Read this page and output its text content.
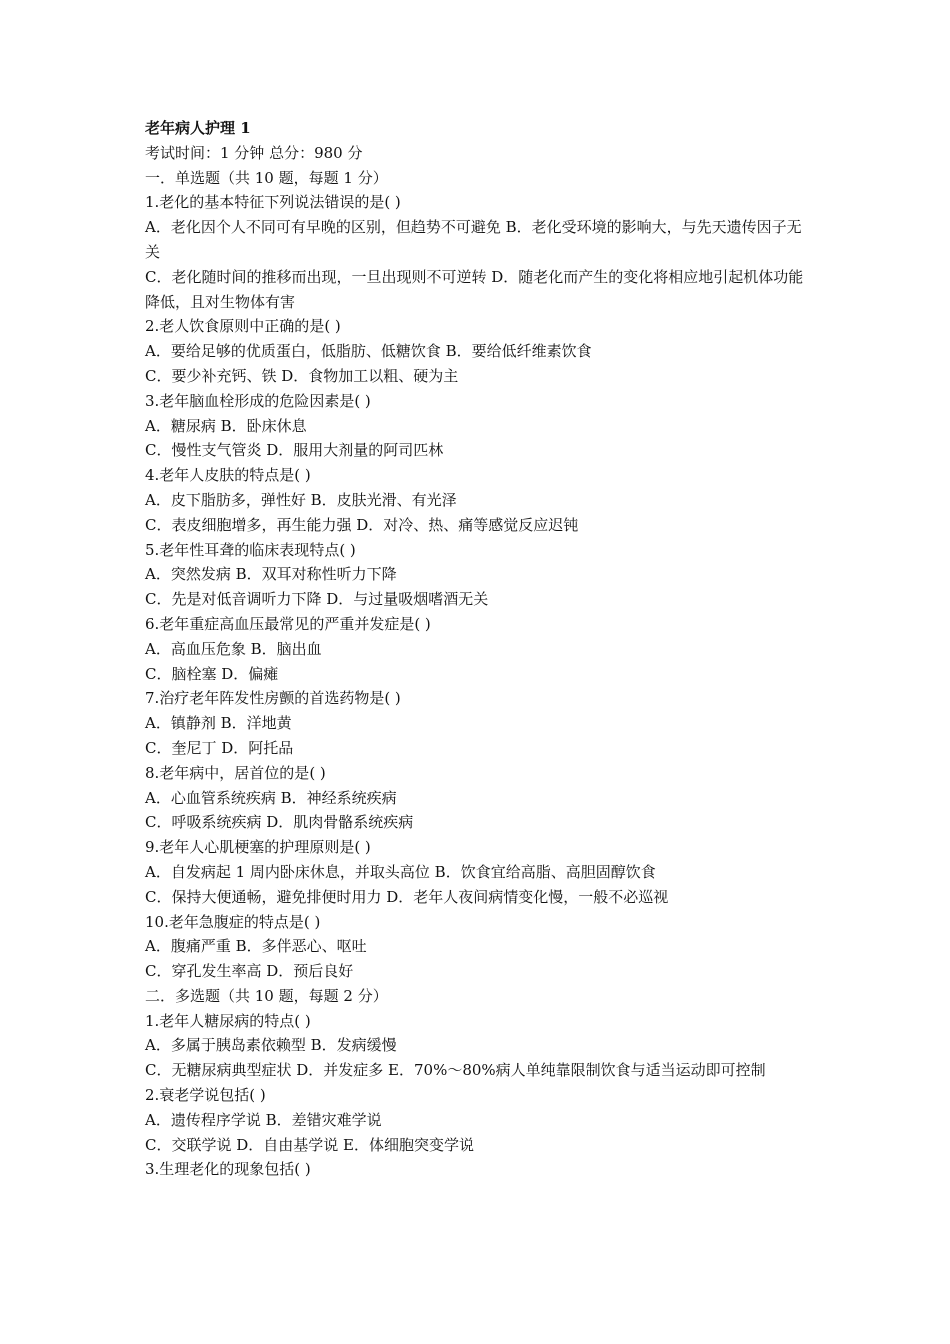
老年病人护理 1
考试时间：1 分钟 总分：980 分
一．单选题（共 10 题，每题 1 分）
1.老化的基本特征下列说法错误的是( )
A．老化因个人不同可有早晚的区别，但趋势不可避免 B．老化受环境的影响大，与先天遗传因子无关
C．老化随时间的推移而出现，一旦出现则不可逆转 D．随老化而产生的变化将相应地引起机体功能降低，且对生物体有害
2.老人饮食原则中正确的是( )
A．要给足够的优质蛋白，低脂肪、低糖饮食 B．要给低纤维素饮食
C．要少补充钙、铁 D．食物加工以粗、硬为主
3.老年脑血栓形成的危险因素是( )
A．糖尿病 B．卧床休息
C．慢性支气管炎 D．服用大剂量的阿司匹林
4.老年人皮肤的特点是( )
A．皮下脂肪多，弹性好 B．皮肤光滑、有光泽
C．表皮细胞增多，再生能力强 D．对冷、热、痛等感觉反应迟钝
5.老年性耳聋的临床表现特点( )
A．突然发病 B．双耳对称性听力下降
C．先是对低音调听力下降 D．与过量吸烟嗜酒无关
6.老年重症高血压最常见的严重并发症是( )
A．高血压危象 B．脑出血
C．脑栓塞 D．偏瘫
7.治疗老年阵发性房颤的首选药物是( )
A．镇静剂 B．洋地黄
C．奎尼丁 D．阿托品
8.老年病中，居首位的是( )
A．心血管系统疾病 B．神经系统疾病
C．呼吸系统疾病 D．肌肉骨骼系统疾病
9.老年人心肌梗塞的护理原则是( )
A．自发病起 1 周内卧床休息，并取头高位 B．饮食宜给高脂、高胆固醇饮食
C．保持大便通畅，避免排便时用力 D．老年人夜间病情变化慢，一般不必巡视
10.老年急腹症的特点是( )
A．腹痛严重 B．多伴恶心、呕吐
C．穿孔发生率高 D．预后良好
二．多选题（共 10 题，每题 2 分）
1.老年人糖尿病的特点( )
A．多属于胰岛素依赖型 B．发病缓慢
C．无糖尿病典型症状 D．并发症多 E．70%～80%病人单纯靠限制饮食与适当运动即可控制
2.衰老学说包括( )
A．遗传程序学说 B．差错灾难学说
C．交联学说 D．自由基学说 E．体细胞突变学说
3.生理老化的现象包括( )
